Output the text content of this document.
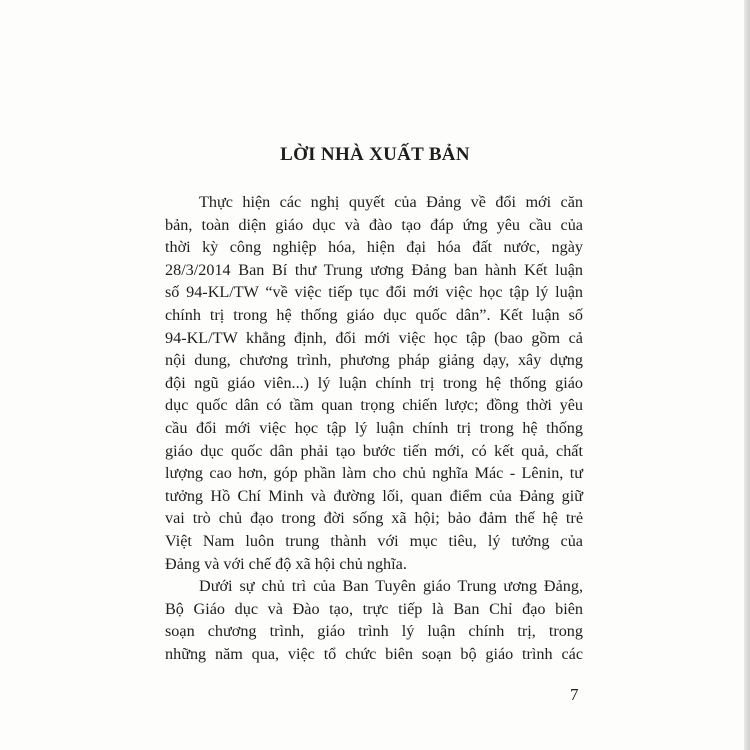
LỜI NHÀ XUẤT BẢN
Thực hiện các nghị quyết của Đảng về đổi mới căn
bản, toàn diện giáo dục và đào tạo đáp ứng yêu cầu của
thời kỳ công nghiệp hóa, hiện đại hóa đất nước, ngày
28/3/2014 Ban Bí thư Trung ương Đảng ban hành Kết luận
số 94-KL/TW “về việc tiếp tục đổi mới việc học tập lý luận
chính trị trong hệ thống giáo dục quốc dân”. Kết luận số
94-KL/TW khẳng định, đổi mới việc học tập (bao gồm cả
nội dung, chương trình, phương pháp giảng dạy, xây dựng
đội ngũ giáo viên...) lý luận chính trị trong hệ thống giáo
dục quốc dân có tầm quan trọng chiến lược; đồng thời yêu
cầu đổi mới việc học tập lý luận chính trị trong hệ thống
giáo dục quốc dân phải tạo bước tiến mới, có kết quả, chất
lượng cao hơn, góp phần làm cho chủ nghĩa Mác - Lênin, tư
tưởng Hồ Chí Minh và đường lối, quan điểm của Đảng giữ
vai trò chủ đạo trong đời sống xã hội; bảo đảm thế hệ trẻ
Việt Nam luôn trung thành với mục tiêu, lý tưởng của
Đảng và với chế độ xã hội chủ nghĩa.
Dưới sự chủ trì của Ban Tuyên giáo Trung ương Đảng,
Bộ Giáo dục và Đào tạo, trực tiếp là Ban Chỉ đạo biên
soạn chương trình, giáo trình lý luận chính trị, trong
những năm qua, việc tổ chức biên soạn bộ giáo trình các
7
